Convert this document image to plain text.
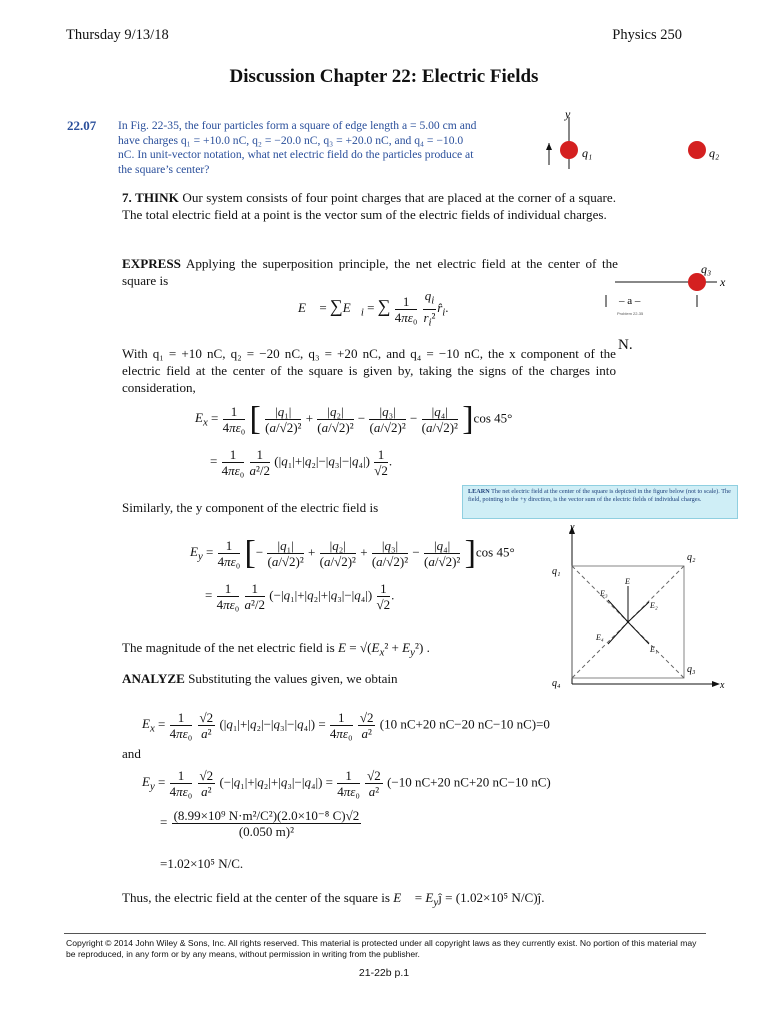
Thursday 9/13/18	Physics 250
Discussion Chapter 22: Electric Fields
22.07 In Fig. 22-35, the four particles form a square of edge length a = 5.00 cm and have charges q₁ = +10.0 nC, q₂ = −20.0 nC, q₃ = +20.0 nC, and q₄ = −10.0 nC. In unit-vector notation, what net electric field do the particles produce at the square’s center?
y
q₁	q₂
q₃
x
– a –
Problem 22-35
N.
7. THINK Our system consists of four point charges that are placed at the corner of a square. The total electric field at a point is the vector sum of the electric fields of individual charges.
EXPRESS Applying the superposition principle, the net electric field at the center of the square is
E⃗ = $\sum E⃗_i$ = ∑ $\frac{1}{\text{4πε₀}}$
$\frac{q_i}{r_i^2}$ $r̂_i$.
With q₁ = +10 nC, q₂ = −20 nC, q₃ = +20 nC, and q₄ = −10 nC, the x component of the electric field at the center of the square is given by, taking the signs of the charges into consideration,
$E_x = \frac{1}{\text{4πε₀}}$ [ $\frac{\text{|q₁|}}{\text{(a/√2)²}} + \frac{\text{|q₂|}}{\text{(a/√2)²}} - \frac{\text{|q₃|}}{\text{(a/√2)²}} - \frac{\text{|q₄|}}{\text{(a/√2)²}} ]\cos$ 45°
= $\frac{1}{\text{4πε₀}}$
$\frac{1}{\text{a²/2}} (|q_1|+|q_2|-|q_3|-|q_4|) \frac{1}{√2}$ .
LEARN The net electric field at the center of the square is depicted in the figure below (not to scale). The field, pointing to the +y direction, is the vector sum of the electric fields of individual charges.
Similarly, the y component of the electric field is
$E_y = \frac{1}{\text{4πε₀}}$ [− $\frac{\text{|q₁|}}{\text{(a/√2)²}} + \frac{\text{|q₂|}}{\text{(a/√2)²}} + \frac{\text{|q₃|}}{\text{(a/√2)²}} - \frac{\text{|q₄|}}{\text{(a/√2)²}} ]\cos$ 45°
= $\frac{1}{\text{4πε₀}}$
$\frac{1}{\text{a²/2}} (-|q_1|+|q_2|+|q_3|-|q_4|) \frac{1}{√2}$ .
y
x
q₁
q₂
q₃
q₄
E₃
E
E₂
E₄
E₁
The magnitude of the net electric field is $E = √(E_x^2 + E_y^2)$ .
ANALYZE Substituting the values given, we obtain
$E_x = \frac{1}{\text{4πε₀}}$
$\frac{√2}{\text{a²}} (|q_1|+|q_2|-|q_3|-|q_4|) = \frac{1}{\text{4πε₀}}$
$\frac{√2}{\text{a²}} (10$ nC+20 nC−20 nC−10 nC)=0
and
$E_y = \frac{1}{\text{4πε₀}}$
$\frac{√2}{\text{a²}} (-|q_1|+|q_2|+|q_3|-|q_4|) = \frac{1}{\text{4πε₀}}$
$\frac{√2}{\text{a²}} (-10$ nC+20 nC+20 nC−10 nC)
= $\frac{\text{(8.99×10⁹ N·m²/C²)(2.0×10⁻⁸ C)√2}}{\text{(0.050 m)²}}$
=1.02×10⁵ N/C.
Thus, the electric field at the center of the square is E⃗ = $E_yĵ = (1.02\times 10^5$ N/C)ĵ.
Copyright © 2014 John Wiley & Sons, Inc. All rights reserved. This material is protected under all copyright laws as they currently exist. No portion of this material may be reproduced, in any form or by any means, without permission in writing from the publisher.
21-22b p.1
